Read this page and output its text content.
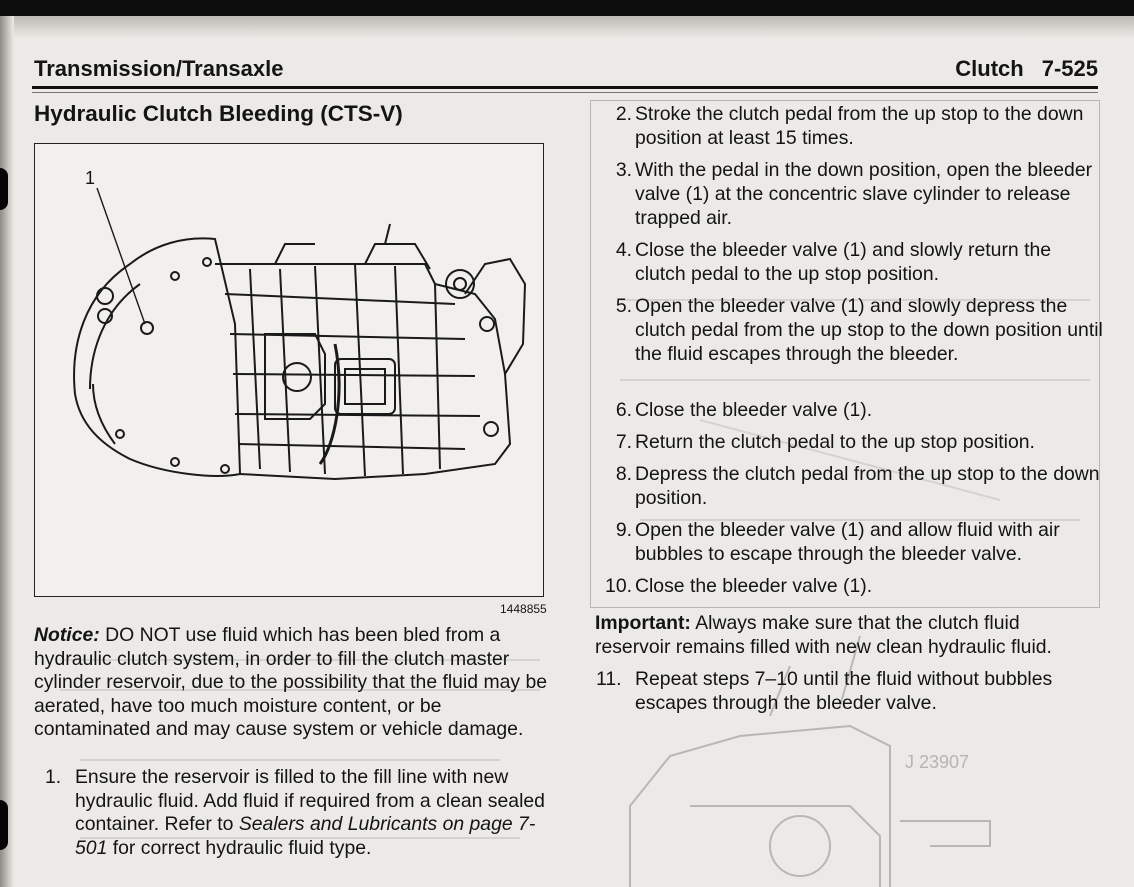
Transmission/Transaxle	Clutch 7-525
Hydraulic Clutch Bleeding (CTS-V)
1
1448855
Notice: DO NOT use fluid which has been bled from a hydraulic clutch system, in order to fill the clutch master cylinder reservoir, due to the possibility that the fluid may be aerated, have too much moisture content, or be contaminated and may cause system or vehicle damage.
1. Ensure the reservoir is filled to the fill line with new hydraulic fluid. Add fluid if required from a clean sealed container. Refer to Sealers and Lubricants on page 7-501 for correct hydraulic fluid type.
J 23907
2. Stroke the clutch pedal from the up stop to the down position at least 15 times.
3. With the pedal in the down position, open the bleeder valve (1) at the concentric slave cylinder to release trapped air.
4. Close the bleeder valve (1) and slowly return the clutch pedal to the up stop position.
5. Open the bleeder valve (1) and slowly depress the clutch pedal from the up stop to the down position until the fluid escapes through the bleeder.
6. Close the bleeder valve (1).
7. Return the clutch pedal to the up stop position.
8. Depress the clutch pedal from the up stop to the down position.
9. Open the bleeder valve (1) and allow fluid with air bubbles to escape through the bleeder valve.
10. Close the bleeder valve (1).
Important: Always make sure that the clutch fluid reservoir remains filled with new clean hydraulic fluid.
11. Repeat steps 7–10 until the fluid without bubbles escapes through the bleeder valve.
